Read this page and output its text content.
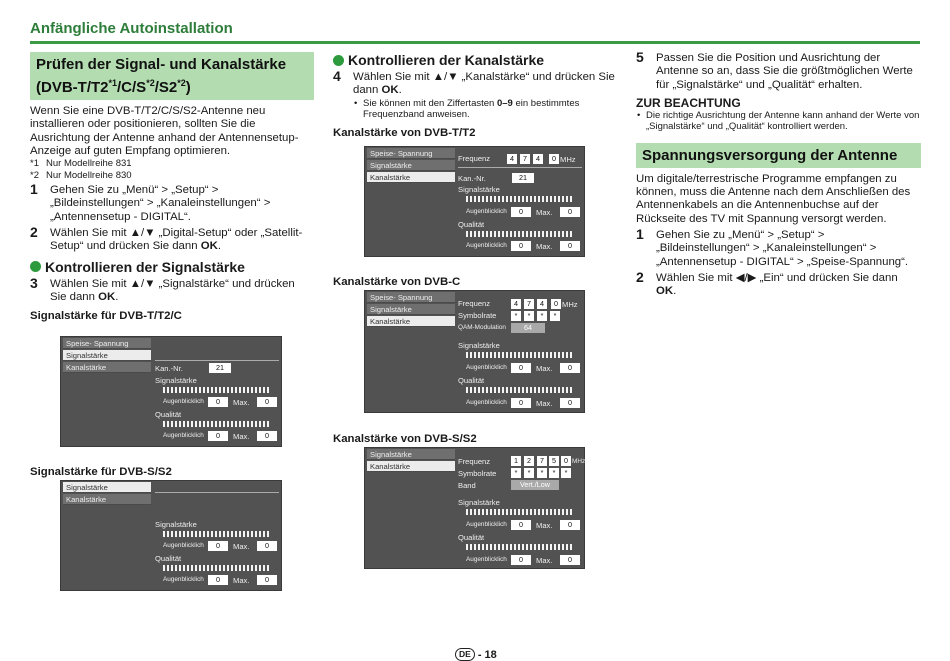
Anfängliche Autoinstallation
Prüfen der Signal- und Kanalstärke
$(DVB-T/T2^{*1}/C/S^{*2}/S2^{*2})$

Wenn Sie eine DVB-T/T2/C/S/S2-Antenne neu installieren oder positionieren, sollten Sie die Ausrichtung der Antenne anhand der Antennensetup-Anzeige auf guten Empfang optimieren.

*1 Nur Modellreihe 831
*2 Nur Modellreihe 830
1 Gehen Sie zu „Menü“ > „Setup“ > „Bildeinstellungen“ > „Kanaleinstellungen“ > „Antennensetup - DIGITAL“.
2 Wählen Sie mit ▲/▼ „Digital-Setup“ oder „Satellit-Setup“ und drücken Sie dann OK.
Kontrollieren der Signalstärke
3 Wählen Sie mit ▲/▼ „Signalstärke“ und drücken Sie dann OK.
Signalstärke für DVB-T/T2/C
Signalstärke für DVB-S/S2
Speise- Spannung
Signalstärke
Kanalstärke	Kan.-Nr.	21
Signalstärke
Augenblicklich	0	Max.	0
Qualität
Augenblicklich	0	Max.	0
Signalstärke
Kanalstärke
Signalstärke
Augenblicklich	0	Max.	0
Qualität
Augenblicklich	0	Max.	0
Kontrollieren der Kanalstärke
4 Wählen Sie mit ▲/▼ „Kanalstärke“ und drücken Sie dann OK.
• Sie können mit den Ziffertasten 0–9 ein bestimmtes Frequenzband anweisen.
Kanalstärke von DVB-T/T2
Kanalstärke von DVB-C
Kanalstärke von DVB-S/S2
Speise- Spannung
Signalstärke
Kanalstärke
Frequenz	4	7	4	0 MHz
Kan.-Nr.	21
Signalstärke
Augenblicklich	0	Max.	0
Qualität
Augenblicklich	0	Max.	0
Speise- Spannung
Signalstärke
Kanalstärke
Frequenz	4	7	4	0 MHz
Symbolrate	*	*	*	*
QAM-Modulation	64
Signalstärke
Augenblicklich	0	Max.	0
Qualität
Augenblicklich	0	Max.	0
Signalstärke
Kanalstärke
Frequenz	1	2	7	5	0 MHz
Symbolrate	*	*	*	*	*
Band	Vert./Low
Signalstärke
Augenblicklich	0	Max.	0
Qualität
Augenblicklich	0	Max.	0
5 Passen Sie die Position und Ausrichtung der Antenne so an, dass Sie die größtmöglichen Werte für „Signalstärke“ und „Qualität“ erhalten.
ZUR BEACHTUNG
• Die richtige Ausrichtung der Antenne kann anhand der Werte von „Signalstärke“ und „Qualität“ kontrolliert werden.
Spannungsversorgung der Antenne

Um digitale/terrestrische Programme empfangen zu können, muss die Antenne nach dem Anschließen des Antennenkabels an die Antennenbuchse auf der Rückseite des TV mit Spannung versorgt werden.

1 Gehen Sie zu „Menü“ > „Setup“ > „Bildeinstellungen“ > „Kanaleinstellungen“ > „Antennensetup - DIGITAL“ > „Speise-Spannung“.
2 Wählen Sie mit ◀/▶ „Ein“ und drücken Sie dann OK.
DE - 18
